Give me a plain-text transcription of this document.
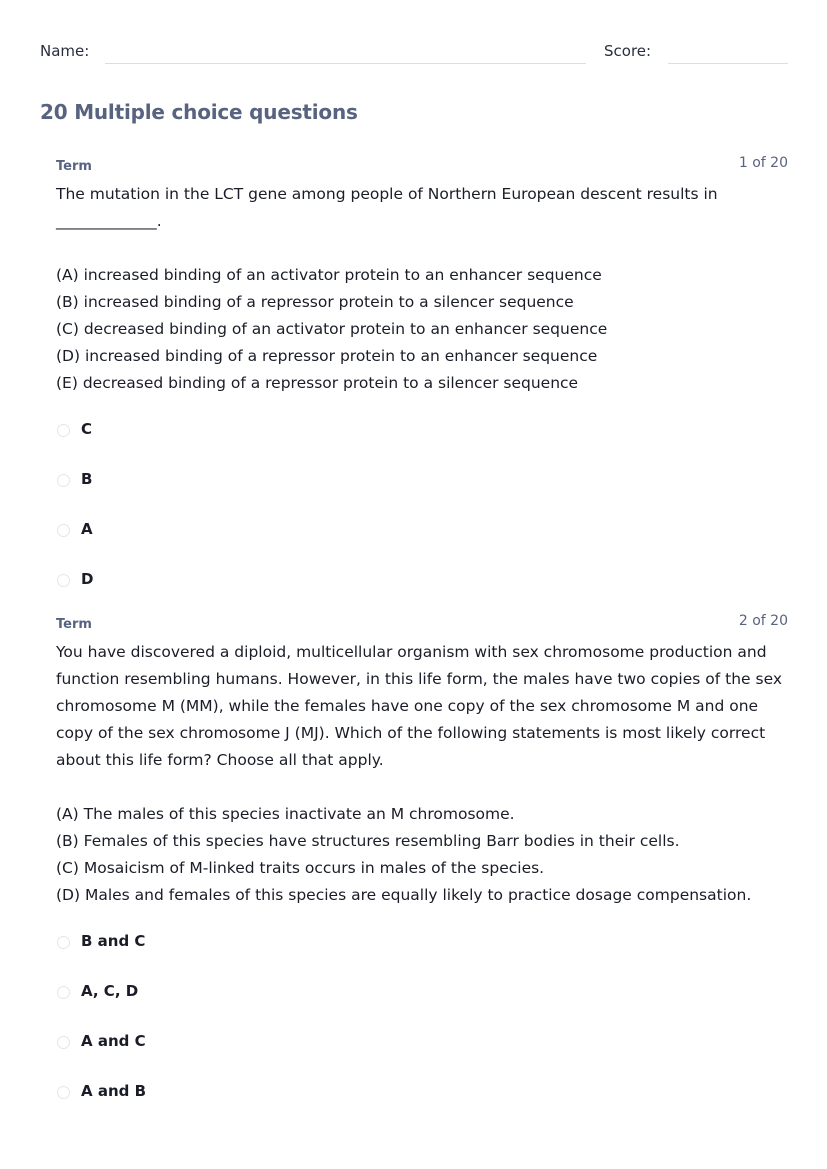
Name:	Score:
20 Multiple choice questions
Term	1 of 20
The mutation in the LCT gene among people of Northern European descent results in
_____________.

(A) increased binding of an activator protein to an enhancer sequence
(B) increased binding of a repressor protein to a silencer sequence
(C) decreased binding of an activator protein to an enhancer sequence
(D) increased binding of a repressor protein to an enhancer sequence
(E) decreased binding of a repressor protein to a silencer sequence
C
B
A
D
Term	2 of 20
You have discovered a diploid, multicellular organism with sex chromosome production and
function resembling humans. However, in this life form, the males have two copies of the sex
chromosome M (MM), while the females have one copy of the sex chromosome M and one
copy of the sex chromosome J (MJ). Which of the following statements is most likely correct
about this life form? Choose all that apply.

(A) The males of this species inactivate an M chromosome.
(B) Females of this species have structures resembling Barr bodies in their cells.
(C) Mosaicism of M-linked traits occurs in males of the species.
(D) Males and females of this species are equally likely to practice dosage compensation.
B and C
A, C, D
A and C
A and B
